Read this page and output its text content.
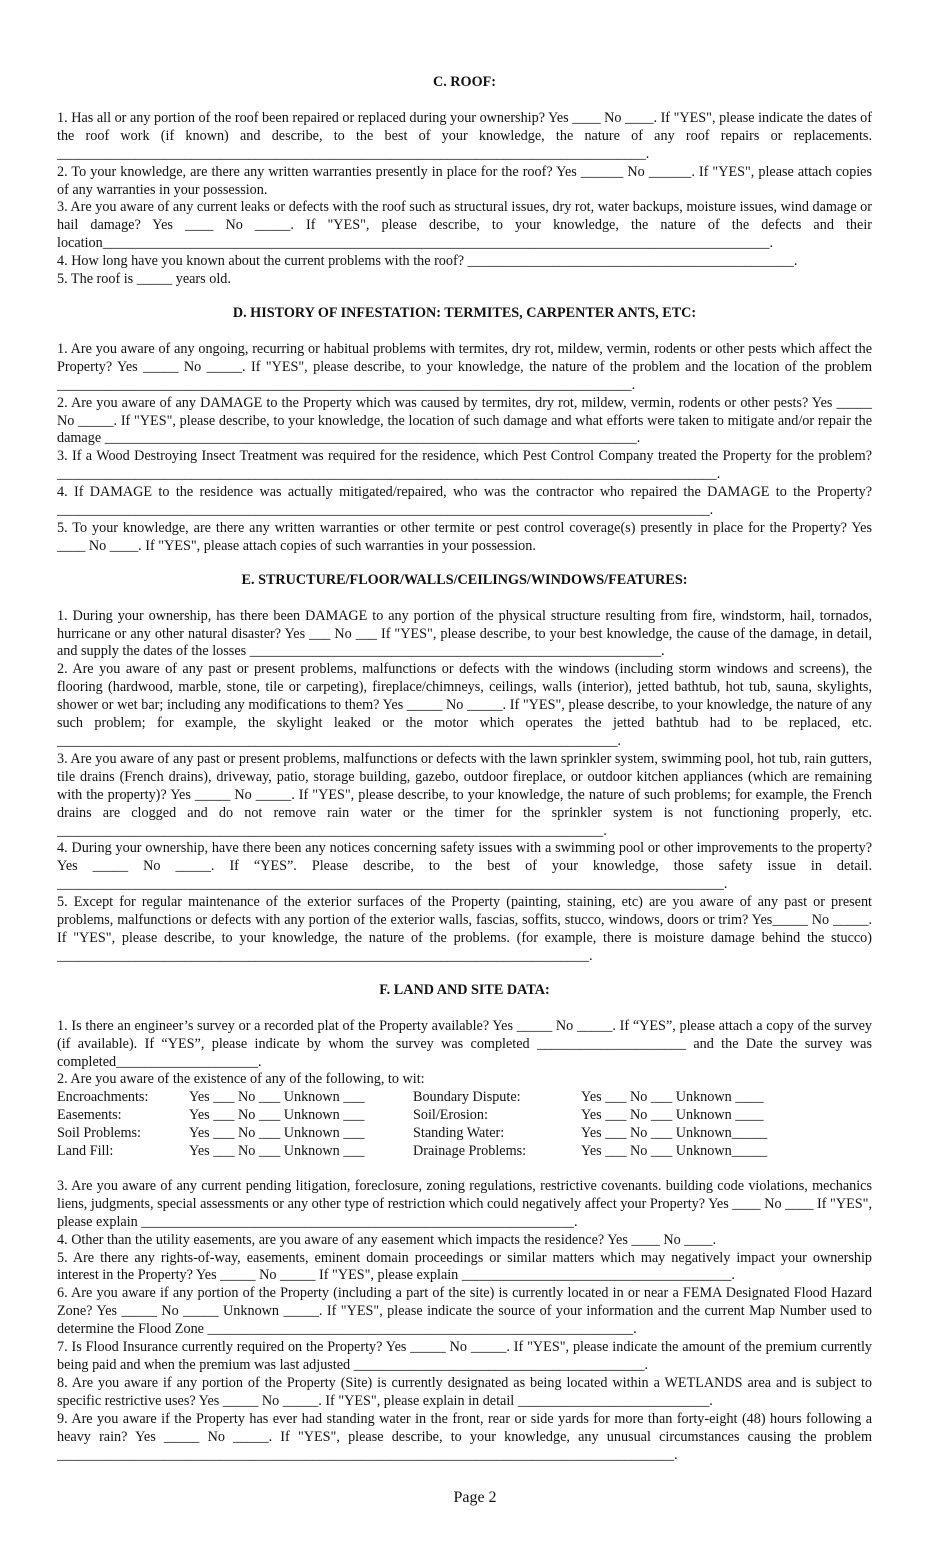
C. ROOF:

1. Has all or any portion of the roof been repaired or replaced during your ownership? Yes ____ No ____. If "YES", please indicate the dates of the roof work (if known) and describe, to the best of your knowledge, the nature of any roof repairs or replacements. ___________________________________________________________________________________.

2. To your knowledge, are there any written warranties presently in place for the roof? Yes ______ No ______. If "YES", please attach copies of any warranties in your possession.

3. Are you aware of any current leaks or defects with the roof such as structural issues, dry rot, water backups, moisture issues, wind damage or hail damage? Yes ____ No _____. If "YES", please describe, to your knowledge, the nature of the defects and their location______________________________________________________________________________________________.

4. How long have you known about the current problems with the roof? ______________________________________________.

5. The roof is _____ years old.

D. HISTORY OF INFESTATION: TERMITES, CARPENTER ANTS, ETC:

1. Are you aware of any ongoing, recurring or habitual problems with termites, dry rot, mildew, vermin, rodents or other pests which affect the Property? Yes _____ No _____. If "YES", please describe, to your knowledge, the nature of the problem and the location of the problem _________________________________________________________________________________.

2. Are you aware of any DAMAGE to the Property which was caused by termites, dry rot, mildew, vermin, rodents or other pests? Yes _____ No _____. If "YES", please describe, to your knowledge, the location of such damage and what efforts were taken to mitigate and/or repair the damage ___________________________________________________________________________.

3. If a Wood Destroying Insect Treatment was required for the residence, which Pest Control Company treated the Property for the problem? _____________________________________________________________________________________________.

4. If DAMAGE to the residence was actually mitigated/repaired, who was the contractor who repaired the DAMAGE to the Property? ____________________________________________________________________________________________.

5. To your knowledge, are there any written warranties or other termite or pest control coverage(s) presently in place for the Property? Yes ____ No ____. If "YES", please attach copies of such warranties in your possession.

E. STRUCTURE/FLOOR/WALLS/CEILINGS/WINDOWS/FEATURES:

1. During your ownership, has there been DAMAGE to any portion of the physical structure resulting from fire, windstorm, hail, tornados, hurricane or any other natural disaster? Yes ___ No ___ If "YES", please describe, to your best knowledge, the cause of the damage, in detail, and supply the dates of the losses __________________________________________________________.

2. Are you aware of any past or present problems, malfunctions or defects with the windows (including storm windows and screens), the flooring (hardwood, marble, stone, tile or carpeting), fireplace/chimneys, ceilings, walls (interior), jetted bathtub, hot tub, sauna, skylights, shower or wet bar; including any modifications to them? Yes _____ No _____. If "YES", please describe, to your knowledge, the nature of any such problem; for example, the skylight leaked or the motor which operates the jetted bathtub had to be replaced, etc. _______________________________________________________________________________.

3. Are you aware of any past or present problems, malfunctions or defects with the lawn sprinkler system, swimming pool, hot tub, rain gutters, tile drains (French drains), driveway, patio, storage building, gazebo, outdoor fireplace, or outdoor kitchen appliances (which are remaining with the property)? Yes _____ No _____. If "YES", please describe, to your knowledge, the nature of such problems; for example, the French drains are clogged and do not remove rain water or the timer for the sprinkler system is not functioning properly, etc. _____________________________________________________________________________.

4. During your ownership, have there been any notices concerning safety issues with a swimming pool or other improvements to the property? Yes _____ No _____. If “YES”. Please describe, to the best of your knowledge, those safety issue in detail. ______________________________________________________________________________________________.

5. Except for regular maintenance of the exterior surfaces of the Property (painting, staining, etc) are you aware of any past or present problems, malfunctions or defects with any portion of the exterior walls, fascias, soffits, stucco, windows, doors or trim? Yes_____ No _____. If "YES", please describe, to your knowledge, the nature of the problems. (for example, there is moisture damage behind the stucco) ___________________________________________________________________________.

F. LAND AND SITE DATA:

1. Is there an engineer’s survey or a recorded plat of the Property available? Yes _____ No _____. If “YES”, please attach a copy of the survey (if available). If “YES”, please indicate by whom the survey was completed _____________________ and the Date the survey was completed____________________.

2. Are you aware of the existence of any of the following, to wit:

Encroachments:	Yes ___ No ___ Unknown ___	Boundary Dispute:	Yes ___ No ___ Unknown ____
Easements:	Yes ___ No ___ Unknown ___	Soil/Erosion:	Yes ___ No ___ Unknown ____
Soil Problems:	Yes ___ No ___ Unknown ___	Standing Water:	Yes ___ No ___ Unknown_____
Land Fill:	Yes ___ No ___ Unknown ___	Drainage Problems:	Yes ___ No ___ Unknown_____

3. Are you aware of any current pending litigation, foreclosure, zoning regulations, restrictive covenants. building code violations, mechanics liens, judgments, special assessments or any other type of restriction which could negatively affect your Property? Yes ____ No ____ If "YES", please explain _____________________________________________________________.

4. Other than the utility easements, are you aware of any easement which impacts the residence? Yes ____ No ____.

5. Are there any rights-of-way, easements, eminent domain proceedings or similar matters which may negatively impact your ownership interest in the Property? Yes _____ No _____ If "YES", please explain ______________________________________.

6. Are you aware if any portion of the Property (including a part of the site) is currently located in or near a FEMA Designated Flood Hazard Zone? Yes _____ No _____ Unknown _____. If "YES", please indicate the source of your information and the current Map Number used to determine the Flood Zone ____________________________________________________________.

7. Is Flood Insurance currently required on the Property? Yes _____ No _____. If "YES", please indicate the amount of the premium currently being paid and when the premium was last adjusted _________________________________________.

8. Are you aware if any portion of the Property (Site) is currently designated as being located within a WETLANDS area and is subject to specific restrictive uses? Yes _____ No _____. If "YES", please explain in detail ___________________________.

9. Are you aware if the Property has ever had standing water in the front, rear or side yards for more than forty-eight (48) hours following a heavy rain? Yes _____ No _____. If "YES", please describe, to your knowledge, any unusual circumstances causing the problem _______________________________________________________________________________________.

Page 2
